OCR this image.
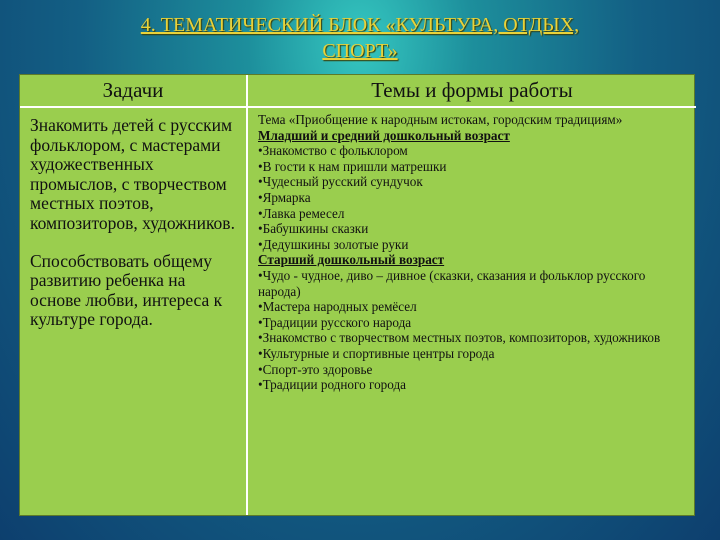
4. ТЕМАТИЧЕСКИЙ БЛОК «КУЛЬТУРА, ОТДЫХ,
СПОРТ»
Задачи	Темы и формы работы

Знакомить детей с русским фольклором, с мастерами художественных промыслов, с творчеством местных поэтов, композиторов, художников.

Способствовать общему развитию ребенка на основе любви, интереса к культуре города.

Тема «Приобщение к народным истокам, городским традициям»
Младший и средний дошкольный возраст
•Знакомство с фольклором
•В гости к нам пришли матрешки
•Чудесный русский сундучок
•Ярмарка
•Лавка ремесел
•Бабушкины сказки
•Дедушкины золотые руки
Старший дошкольный возраст
•Чудо - чудное, диво – дивное (сказки, сказания и фольклор русского народа)
•Мастера народных ремёсел
•Традиции русского народа
•Знакомство с творчеством местных поэтов, композиторов, художников
•Культурные и спортивные центры города
•Спорт-это здоровье
•Традиции родного города
